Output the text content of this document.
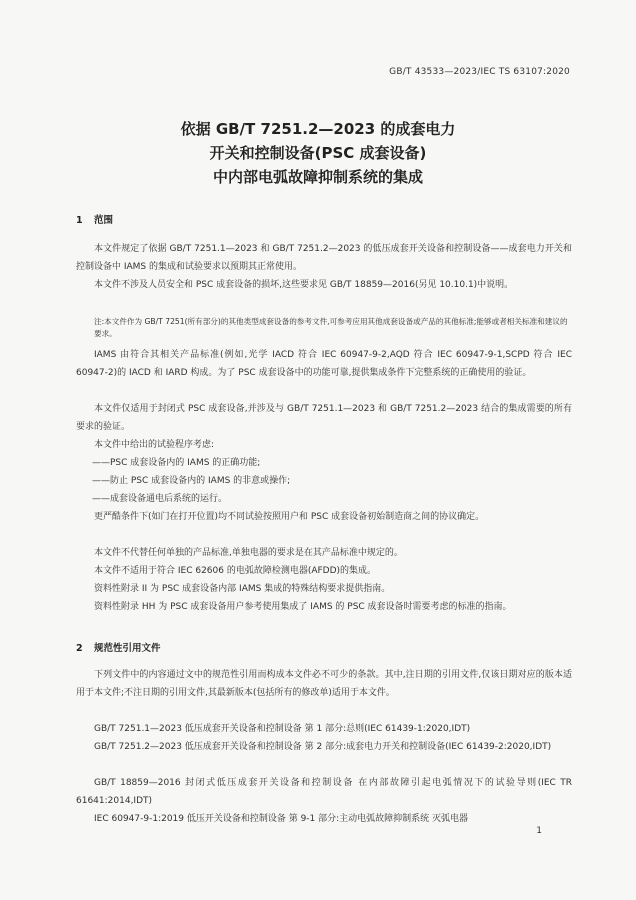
GB/T 43533—2023/IEC TS 63107:2020
依据 GB/T 7251.2—2023 的成套电力
开关和控制设备(PSC 成套设备)
中内部电弧故障抑制系统的集成
1 范围
本文件规定了依据 GB/T 7251.1—2023 和 GB/T 7251.2—2023 的低压成套开关设备和控制设备——成套电力开关和控制设备中 IAMS 的集成和试验要求以预期其正常使用。
本文件不涉及人员安全和 PSC 成套设备的损坏,这些要求见 GB/T 18859—2016(另见 10.10.1)中说明。
注:本文件作为 GB/T 7251(所有部分)的其他类型成套设备的参考文件,可参考应用其他成套设备或产品的其他标准;能够或者相关标准和建议的要求。
IAMS 由符合其相关产品标准(例如,光学 IACD 符合 IEC 60947-9-2,AQD 符合 IEC 60947-9-1,SCPD 符合 IEC 60947-2)的 IACD 和 IARD 构成。为了 PSC 成套设备中的功能可靠,提供集成条件下完整系统的正确使用的验证。
本文件仅适用于封闭式 PSC 成套设备,并涉及与 GB/T 7251.1—2023 和 GB/T 7251.2—2023 结合的集成需要的所有要求的验证。
本文件中给出的试验程序考虑:
——PSC 成套设备内的 IAMS 的正确功能;
——防止 PSC 成套设备内的 IAMS 的非意或操作;
——成套设备通电后系统的运行。
更严酷条件下(如门在打开位置)均不同试验按照用户和 PSC 成套设备初始制造商之间的协议确定。
本文件不代替任何单独的产品标准,单独电器的要求是在其产品标准中规定的。
本文件不适用于符合 IEC 62606 的电弧故障检测电器(AFDD)的集成。
资料性附录 II 为 PSC 成套设备内部 IAMS 集成的特殊结构要求提供指南。
资料性附录 HH 为 PSC 成套设备用户参考使用集成了 IAMS 的 PSC 成套设备时需要考虑的标准的指南。
2 规范性引用文件
下列文件中的内容通过文中的规范性引用而构成本文件必不可少的条款。其中,注日期的引用文件,仅该日期对应的版本适用于本文件;不注日期的引用文件,其最新版本(包括所有的修改单)适用于本文件。
GB/T 7251.1—2023 低压成套开关设备和控制设备 第 1 部分:总则(IEC 61439-1:2020,IDT)
GB/T 7251.2—2023 低压成套开关设备和控制设备 第 2 部分:成套电力开关和控制设备(IEC 61439-2:2020,IDT)
GB/T 18859—2016 封闭式低压成套开关设备和控制设备 在内部故障引起电弧情况下的试验导则(IEC TR 61641:2014,IDT)
IEC 60947-9-1:2019 低压开关设备和控制设备 第 9-1 部分:主动电弧故障抑制系统 灭弧电器
1
